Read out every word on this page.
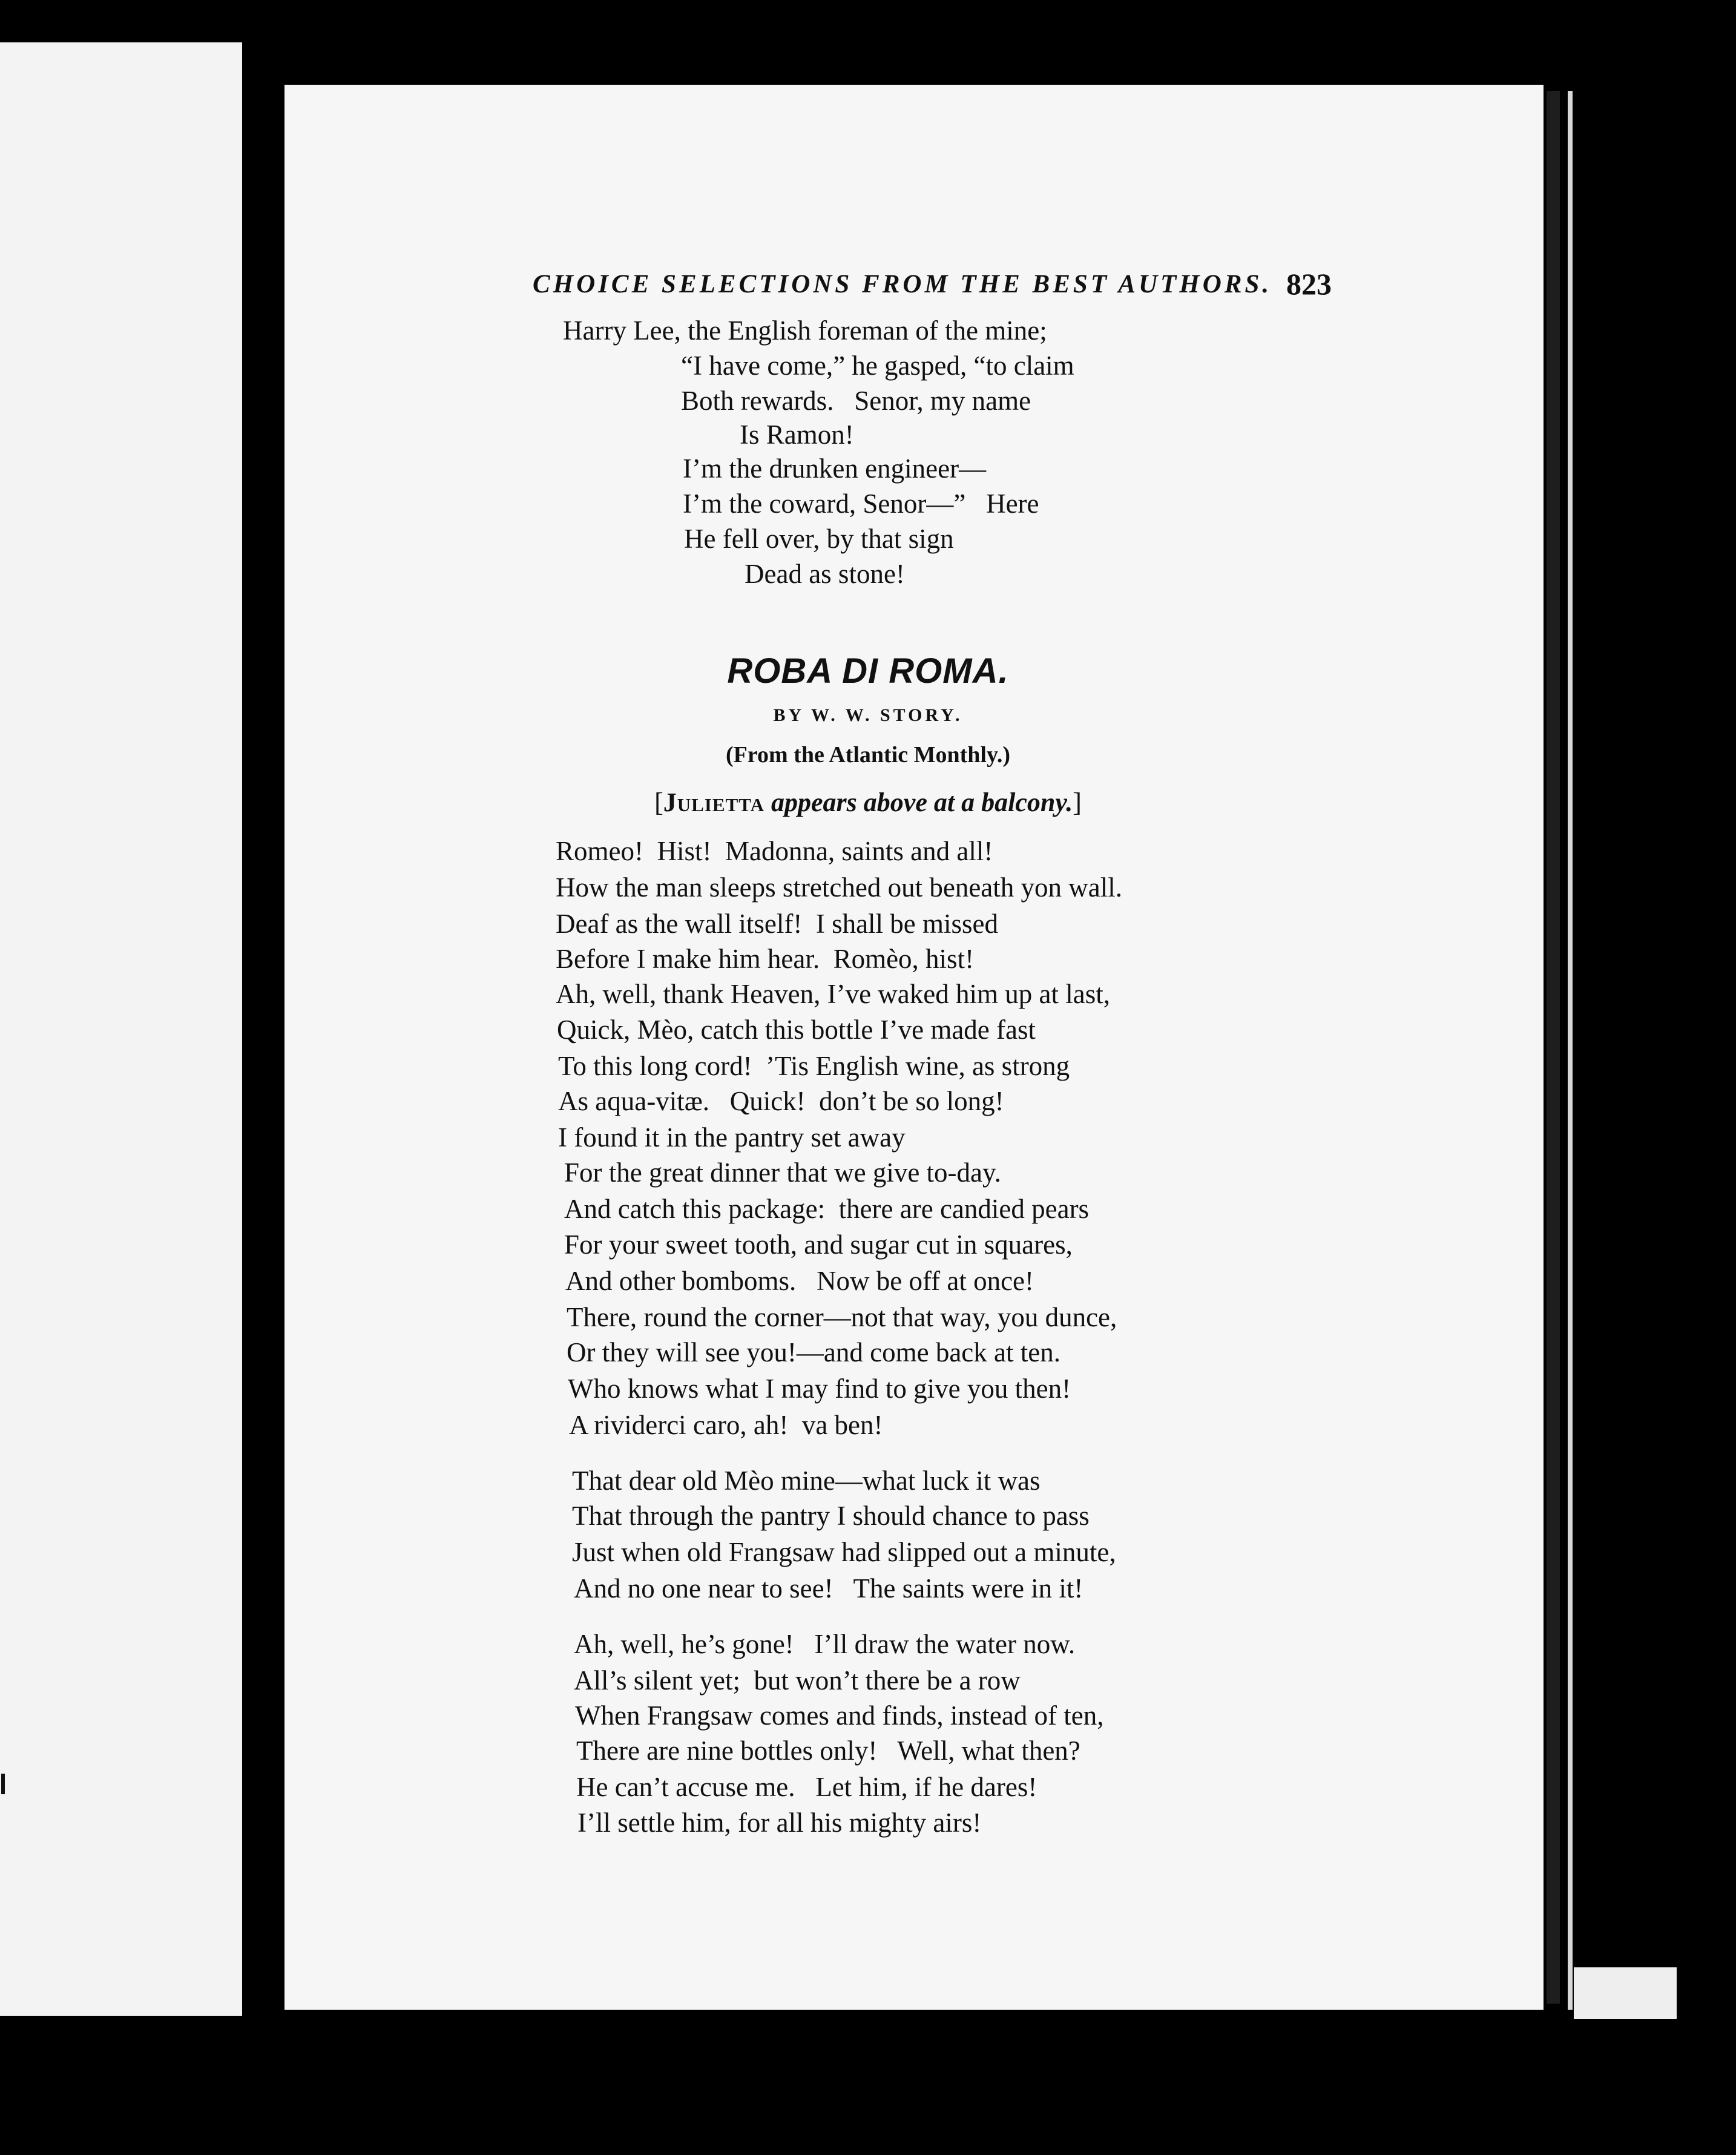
CHOICE SELECTIONS FROM THE BEST AUTHORS. 823
Harry Lee, the English foreman of the mine;
“I have come,” he gasped, “to claim
Both rewards.   Senor, my name
Is Ramon!
I’m the drunken engineer—
I’m the coward, Senor—”   Here
He fell over, by that sign
Dead as stone!
ROBA DI ROMA.
BY W. W. STORY.
(From the Atlantic Monthly.)
[Julietta appears above at a balcony.]
Romeo!  Hist!  Madonna, saints and all!
How the man sleeps stretched out beneath yon wall.
Deaf as the wall itself!  I shall be missed
Before I make him hear.  Romèo, hist!
Ah, well, thank Heaven, I’ve waked him up at last,
Quick, Mèo, catch this bottle I’ve made fast
To this long cord!  ’Tis English wine, as strong
As aqua-vitæ.   Quick!  don’t be so long!
I found it in the pantry set away
For the great dinner that we give to-day.
And catch this package:  there are candied pears
For your sweet tooth, and sugar cut in squares,
And other bomboms.   Now be off at once!
There, round the corner—not that way, you dunce,
Or they will see you!—and come back at ten.
Who knows what I may find to give you then!
A rividerci caro, ah!  va ben!
That dear old Mèo mine—what luck it was
That through the pantry I should chance to pass
Just when old Frangsaw had slipped out a minute,
And no one near to see!   The saints were in it!
Ah, well, he’s gone!   I’ll draw the water now.
All’s silent yet;  but won’t there be a row
When Frangsaw comes and finds, instead of ten,
There are nine bottles only!   Well, what then?
He can’t accuse me.   Let him, if he dares!
I’ll settle him, for all his mighty airs!
